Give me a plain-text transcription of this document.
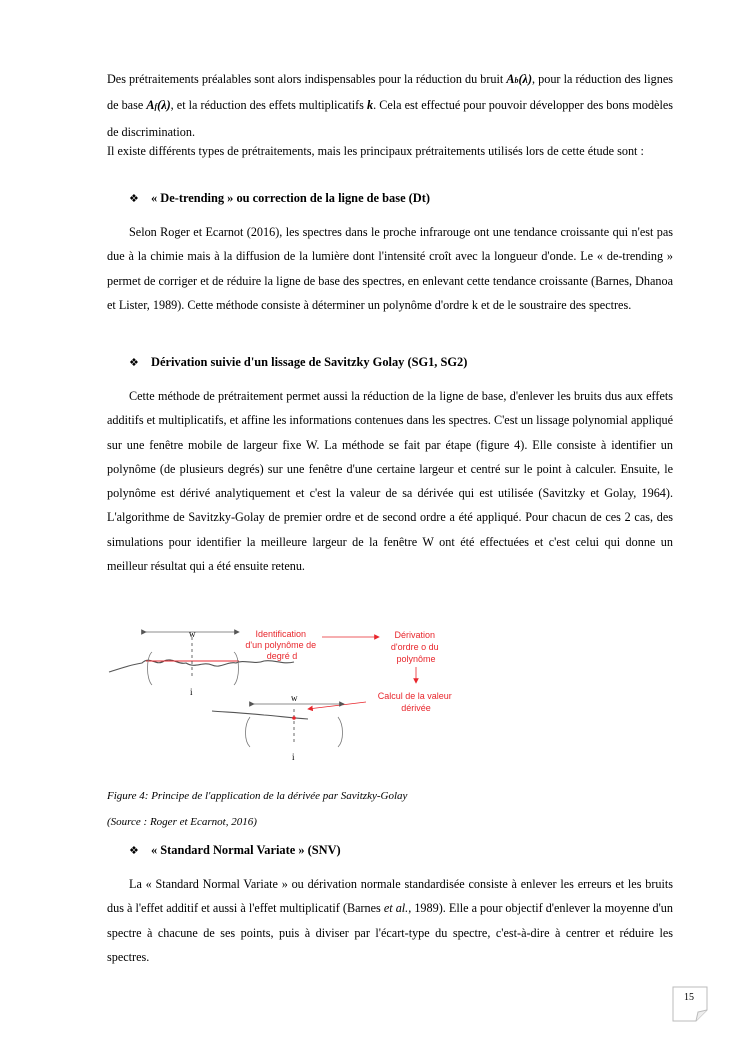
Des prétraitements préalables sont alors indispensables pour la réduction du bruit Ab(λ), pour la réduction des lignes de base Af(λ), et la réduction des effets multiplicatifs k. Cela est effectué pour pouvoir développer des bons modèles de discrimination.

Il existe différents types de prétraitements, mais les principaux prétraitements utilisés lors de cette étude sont :

❖ « De-trending » ou correction de la ligne de base (Dt)

Selon Roger et Ecarnot (2016), les spectres dans le proche infrarouge ont une tendance croissante qui n'est pas due à la chimie mais à la diffusion de la lumière dont l'intensité croît avec la longueur d'onde. Le « de-trending » permet de corriger et de réduire la ligne de base des spectres, en enlevant cette tendance croissante (Barnes, Dhanoa et Lister, 1989). Cette méthode consiste à déterminer un polynôme d'ordre k et de le soustraire des spectres.

❖ Dérivation suivie d'un lissage de Savitzky Golay (SG1, SG2)

Cette méthode de prétraitement permet aussi la réduction de la ligne de base, d'enlever les bruits dus aux effets additifs et multiplicatifs, et affine les informations contenues dans les spectres. C'est un lissage polynomial appliqué sur une fenêtre mobile de largeur fixe W. La méthode se fait par étape (figure 4). Elle consiste à identifier un polynôme (de plusieurs degrés) sur une fenêtre d'une certaine largeur et centré sur le point à calculer. Ensuite, le polynôme est dérivé analytiquement et c'est la valeur de sa dérivée qui est utilisée (Savitzky et Golay, 1964). L'algorithme de Savitzky-Golay de premier ordre et de second ordre a été appliqué. Pour chacun de ces 2 cas, des simulations pour identifier la meilleure largeur de la fenêtre W ont été effectuées et c'est celui qui donne un meilleur résultat qui a été ensuite retenu.

w
i
Identification d'un polynôme de degré d
Dérivation d'ordre o du polynôme
Calcul de la valeur dérivée
w
i
Figure 4: Principe de l'application de la dérivée par Savitzky-Golay
(Source : Roger et Ecarnot, 2016)
❖ « Standard Normal Variate » (SNV)

La « Standard Normal Variate » ou dérivation normale standardisée consiste à enlever les erreurs et les bruits dus à l'effet additif et aussi à l'effet multiplicatif (Barnes et al., 1989). Elle a pour objectif d'enlever la moyenne d'un spectre à chacune de ses points, puis à diviser par l'écart-type du spectre, c'est-à-dire à centrer et réduire les spectres.

15
